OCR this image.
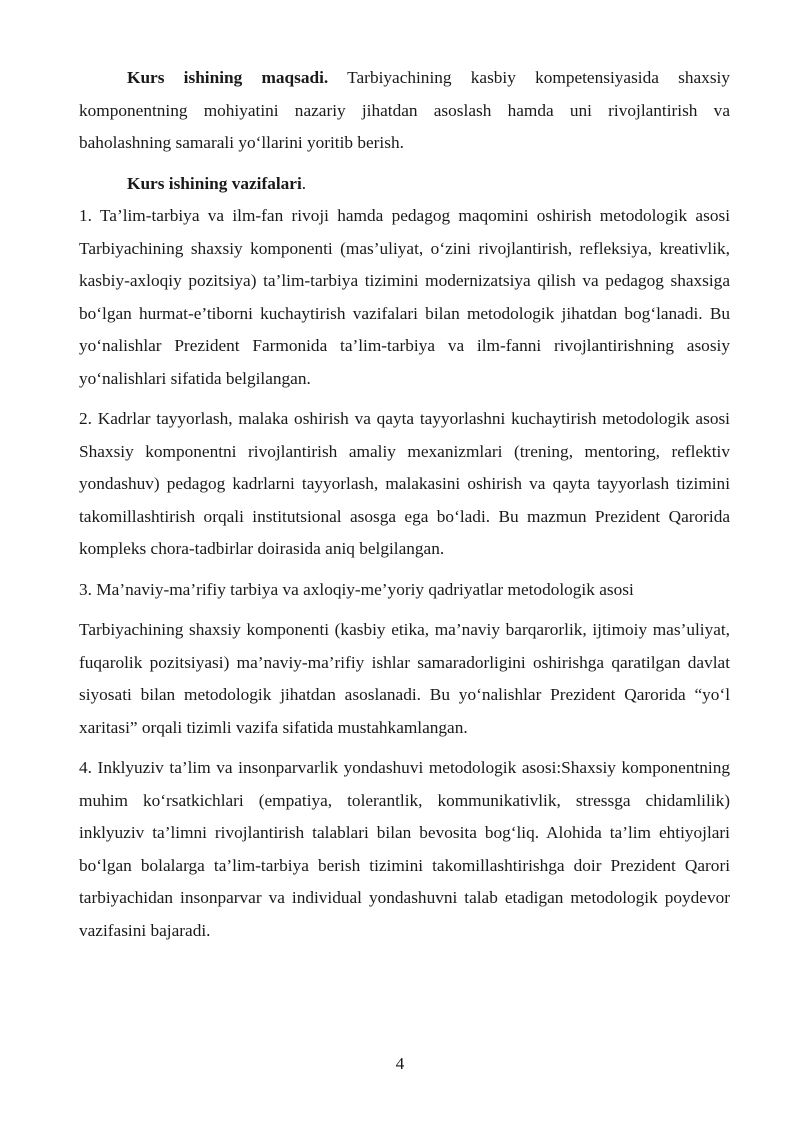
Kurs ishining maqsadi. Tarbiyachining kasbiy kompetensiyasida shaxsiy komponentning mohiyatini nazariy jihatdan asoslash hamda uni rivojlantirish va baholashning samarali yo‘llarini yoritib berish.

Kurs ishining vazifalari.

1. Ta’lim-tarbiya va ilm-fan rivoji hamda pedagog maqomini oshirish metodologik asosi Tarbiyachining shaxsiy komponenti (mas’uliyat, o‘zini rivojlantirish, refleksiya, kreativlik, kasbiy-axloqiy pozitsiya) ta’lim-tarbiya tizimini modernizatsiya qilish va pedagog shaxsiga bo‘lgan hurmat-e’tiborni kuchaytirish vazifalari bilan metodologik jihatdan bog‘lanadi. Bu yo‘nalishlar Prezident Farmonida ta’lim-tarbiya va ilm-fanni rivojlantirishning asosiy yo‘nalishlari sifatida belgilangan.

2. Kadrlar tayyorlash, malaka oshirish va qayta tayyorlashni kuchaytirish metodologik asosi Shaxsiy komponentni rivojlantirish amaliy mexanizmlari (trening, mentoring, reflektiv yondashuv) pedagog kadrlarni tayyorlash, malakasini oshirish va qayta tayyorlash tizimini takomillashtirish orqali institutsional asosga ega bo‘ladi. Bu mazmun Prezident Qarorida kompleks chora-tadbirlar doirasida aniq belgilangan.

3. Ma’naviy-ma’rifiy tarbiya va axloqiy-me’yoriy qadriyatlar metodologik asosi

Tarbiyachining shaxsiy komponenti (kasbiy etika, ma’naviy barqarorlik, ijtimoiy mas’uliyat, fuqarolik pozitsiyasi) ma’naviy-ma’rifiy ishlar samaradorligini oshirishga qaratilgan davlat siyosati bilan metodologik jihatdan asoslanadi. Bu yo‘nalishlar Prezident Qarorida “yo‘l xaritasi” orqali tizimli vazifa sifatida mustahkamlangan.

4. Inklyuziv ta’lim va insonparvarlik yondashuvi metodologik asosi:Shaxsiy komponentning muhim ko‘rsatkichlari (empatiya, tolerantlik, kommunikativlik, stressga chidamlilik) inklyuziv ta’limni rivojlantirish talablari bilan bevosita bog‘liq. Alohida ta’lim ehtiyojlari bo‘lgan bolalarga ta’lim-tarbiya berish tizimini takomillashtirishga doir Prezident Qarori tarbiyachidan insonparvar va individual yondashuvni talab etadigan metodologik poydevor vazifasini bajaradi.

4
